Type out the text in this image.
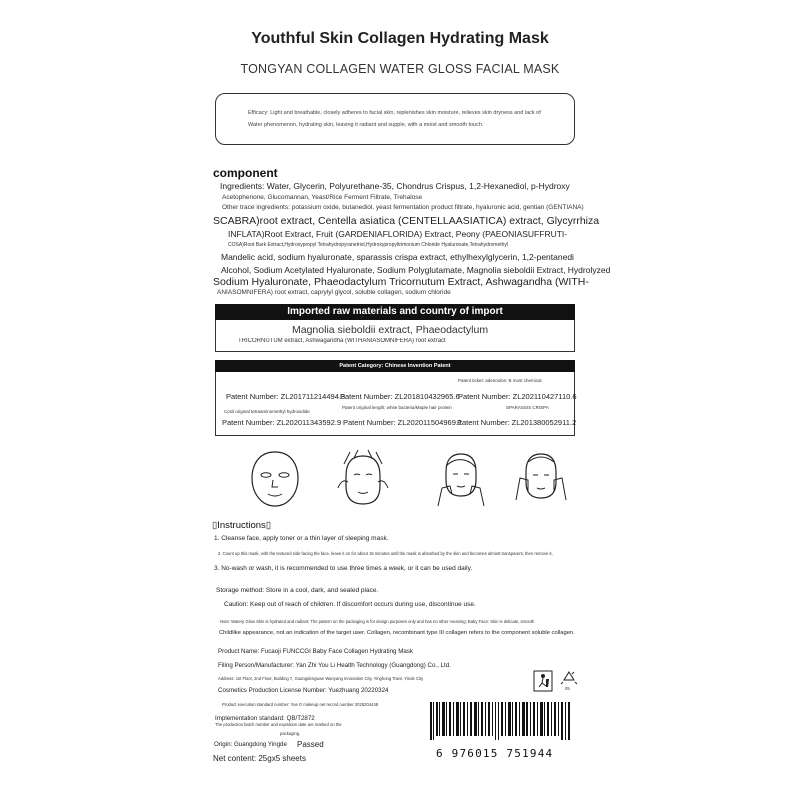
Youthful Skin Collagen Hydrating Mask
TONGYAN COLLAGEN WATER GLOSS FACIAL MASK

Efficacy: Light and breathable, closely adheres to facial skin, replenishes skin moisture, relieves skin dryness and lack of

Water phenomenon, hydrating skin, leaving it radiant and supple, with a moist and smooth touch.

component
Ingredients: Water, Glycerin, Polyurethane-35, Chondrus Crispus, 1,2-Hexanediol, p-Hydroxy
Acetophenone, Glucomannan, Yeast/Rice Ferment Filtrate, Trehalose
Other trace ingredients: potassium oxide, butanediol, yeast fermentation product filtrate, hyaluronic acid, gentian (GENTIANA)
SCABRA)root extract, Centella asiatica (CENTELLAASIATICA) extract, Glycyrrhiza
INFLATA)Root Extract, Fruit (GARDENIAFLORIDA) Extract, Peony (PAEONIASUFFRUTI-
COSA)Root Bark Extract,Hydroxypropyl Tetrahydropyranetriol,Hydroxypropyltrimonium Chloride Hyaluronate,Tetrahydromethyl
Mandelic acid, sodium hyaluronate, sparassis crispa extract, ethylhexylglycerin, 1,2-pentanedi
Alcohol, Sodium Acetylated Hyaluronate, Sodium Polyglutamate, Magnolia sieboldii Extract, Hydrolyzed
Sodium Hyaluronate, Phaeodactylum Tricornutum Extract, Ashwagandha (WITH-
ANIASOMNIFERA) root extract, caprylyl glycol, soluble collagen, sodium chloride
Imported raw materials and country of import
Magnolia sieboldii extract, Phaeodactylum
TRICORNUTUM extract, Ashwagandha (WITHANIASOMNIFERA) root extract
Patent Category: Chinese Invention Patent
Patent ticket: adenosine; B most chemical
Patent Number: ZL201711214494.3
Patent Number: ZL201810432965.6
Patent Number: ZL202110427110.6
Cosil original tetraaminomethyl hydroxidide
Patent original length: white bacteria/Maple hair protein	SPARASSIS CRISPA
Patent Number: ZL202011343592.9 Patent Number: ZL202011504969.1
Patent Number: ZL201380052911.2
▯Instructions▯
1. Cleanse face, apply toner or a thin layer of sleeping mask.
2. Count up this mask, with the textured side facing the face, leave it on for about 15 minutes until the mask is absorbed by the skin and becomes almost transparent, then remove it,
3. No-wash or wash, it is recommended to use three times a week, or it can be used daily.
Storage method: Store in a cool, dark, and sealed place.
Caution: Keep out of reach of children. If discomfort occurs during use, discontinue use.
Note: Watery Glow Skin is hydrated and radiant; The pattern on the packaging is for design purposes only and has no other meaning; Baby Face: Skin is delicate, smooth
Childlike appearance, not an indication of the target user. Collagen, recombinant type III collagen refers to the component soluble collagen.
Product Name: Fucaoji FUNCCGI Baby Face Collagen Hydrating Mask
Filing Person/Manufacturer: Yan Zhi You Li Health Technology (Guangdong) Co., Ltd.
Address: 1st Floor, 2nd Floor, Building 7, Guangdengwan Wanyang Innovation City, Yinghong Town, Yinde City
Cosmetics Production License Number: Yuezhuang 20220324
Product execution standard number: Yue G makeup net record number 2025204448
Implementation standard: QB/T2872
The production batch number and expiration date are marked on the
packaging.
Origin: Guangdong Yingde Passed
Net content: 25gx5 sheets
05
6 976015 751944
